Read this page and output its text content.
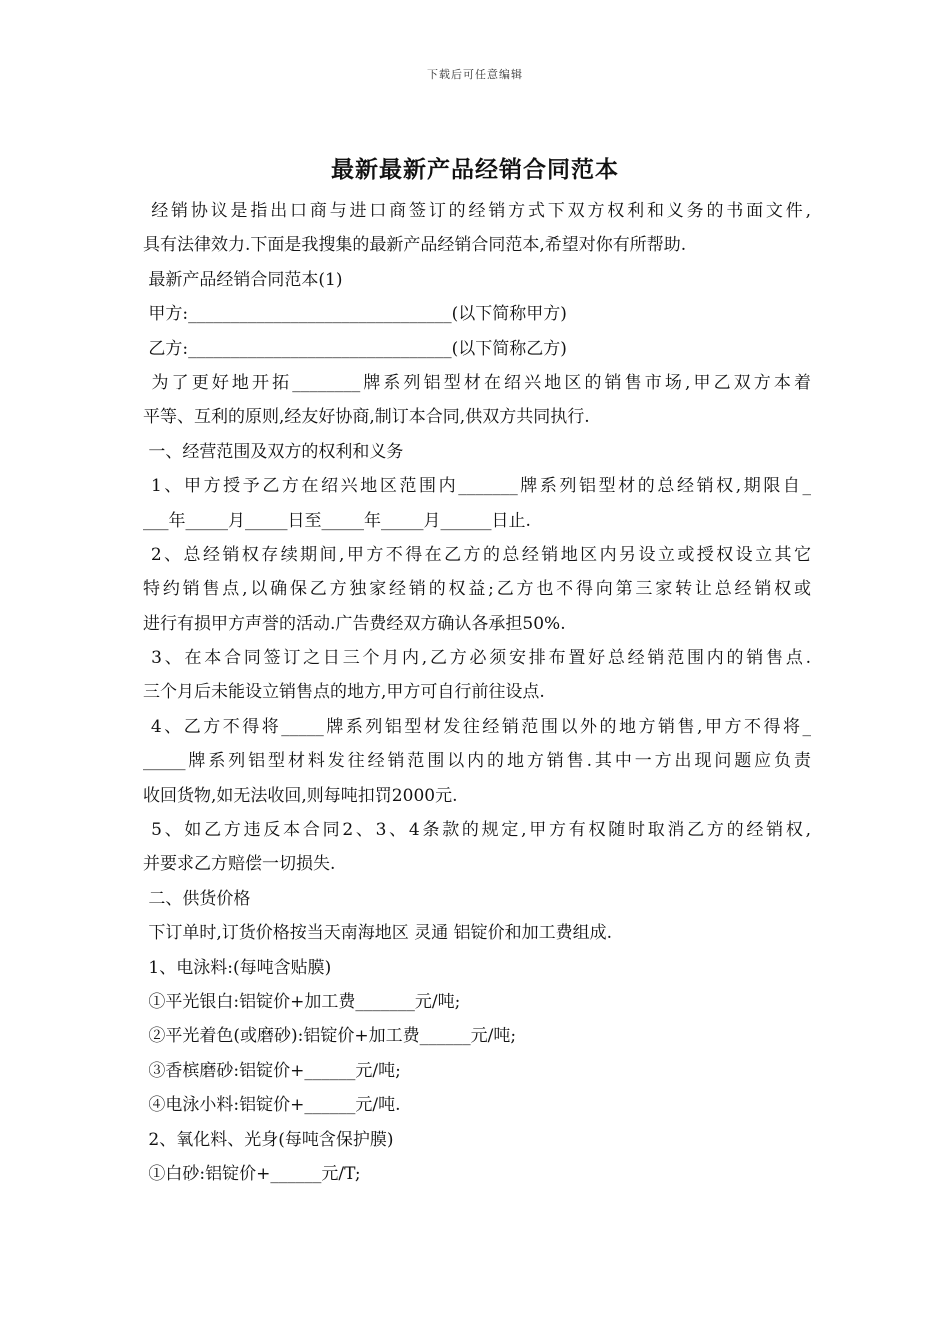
下载后可任意编辑
最新最新产品经销合同范本
经销协议是指出口商与进口商签订的经销方式下双方权利和义务的书面文件,
具有法律效力.下面是我搜集的最新产品经销合同范本,希望对你有所帮助.
最新产品经销合同范本(1)
甲方:_______________________________(以下简称甲方)
乙方:_______________________________(以下简称乙方)
为了更好地开拓________牌系列铝型材在绍兴地区的销售市场,甲乙双方本着
平等、互利的原则,经友好协商,制订本合同,供双方共同执行.
一、经营范围及双方的权利和义务
1、甲方授予乙方在绍兴地区范围内_______牌系列铝型材的总经销权,期限自_
___年_____月_____日至_____年_____月______日止.
2、总经销权存续期间,甲方不得在乙方的总经销地区内另设立或授权设立其它
特约销售点,以确保乙方独家经销的权益;乙方也不得向第三家转让总经销权或
进行有损甲方声誉的活动.广告费经双方确认各承担50%.
3、在本合同签订之日三个月内,乙方必须安排布置好总经销范围内的销售点.
三个月后未能设立销售点的地方,甲方可自行前往设点.
4、乙方不得将_____牌系列铝型材发往经销范围以外的地方销售,甲方不得将_
_____牌系列铝型材料发往经销范围以内的地方销售.其中一方出现问题应负责
收回货物,如无法收回,则每吨扣罚2000元.
5、如乙方违反本合同2、3、4条款的规定,甲方有权随时取消乙方的经销权,
并要求乙方赔偿一切损失.
二、供货价格
下订单时,订货价格按当天南海地区 灵通 铝锭价和加工费组成.
1、电泳料:(每吨含贴膜)
①平光银白:铝锭价+加工费_______元/吨;
②平光着色(或磨砂):铝锭价+加工费______元/吨;
③香槟磨砂:铝锭价+______元/吨;
④电泳小料:铝锭价+______元/吨.
2、氧化料、光身(每吨含保护膜)
①白砂:铝锭价+______元/T;
